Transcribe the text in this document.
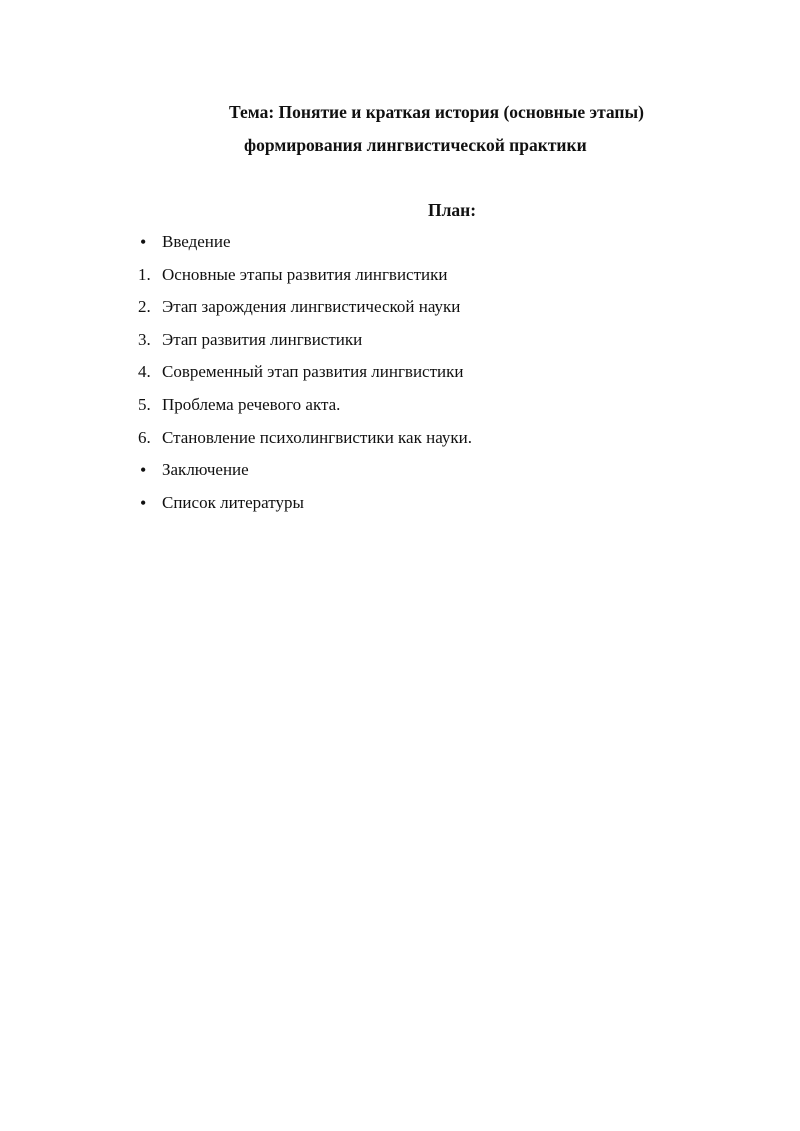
Тема: Понятие и краткая история (основные этапы)
формирования лингвистической практики
План:
• Введение
1. Основные этапы развития лингвистики
2. Этап зарождения лингвистической науки
3. Этап развития лингвистики
4. Современный этап развития лингвистики
5. Проблема речевого акта.
6. Становление психолингвистики как науки.
• Заключение
• Список литературы
